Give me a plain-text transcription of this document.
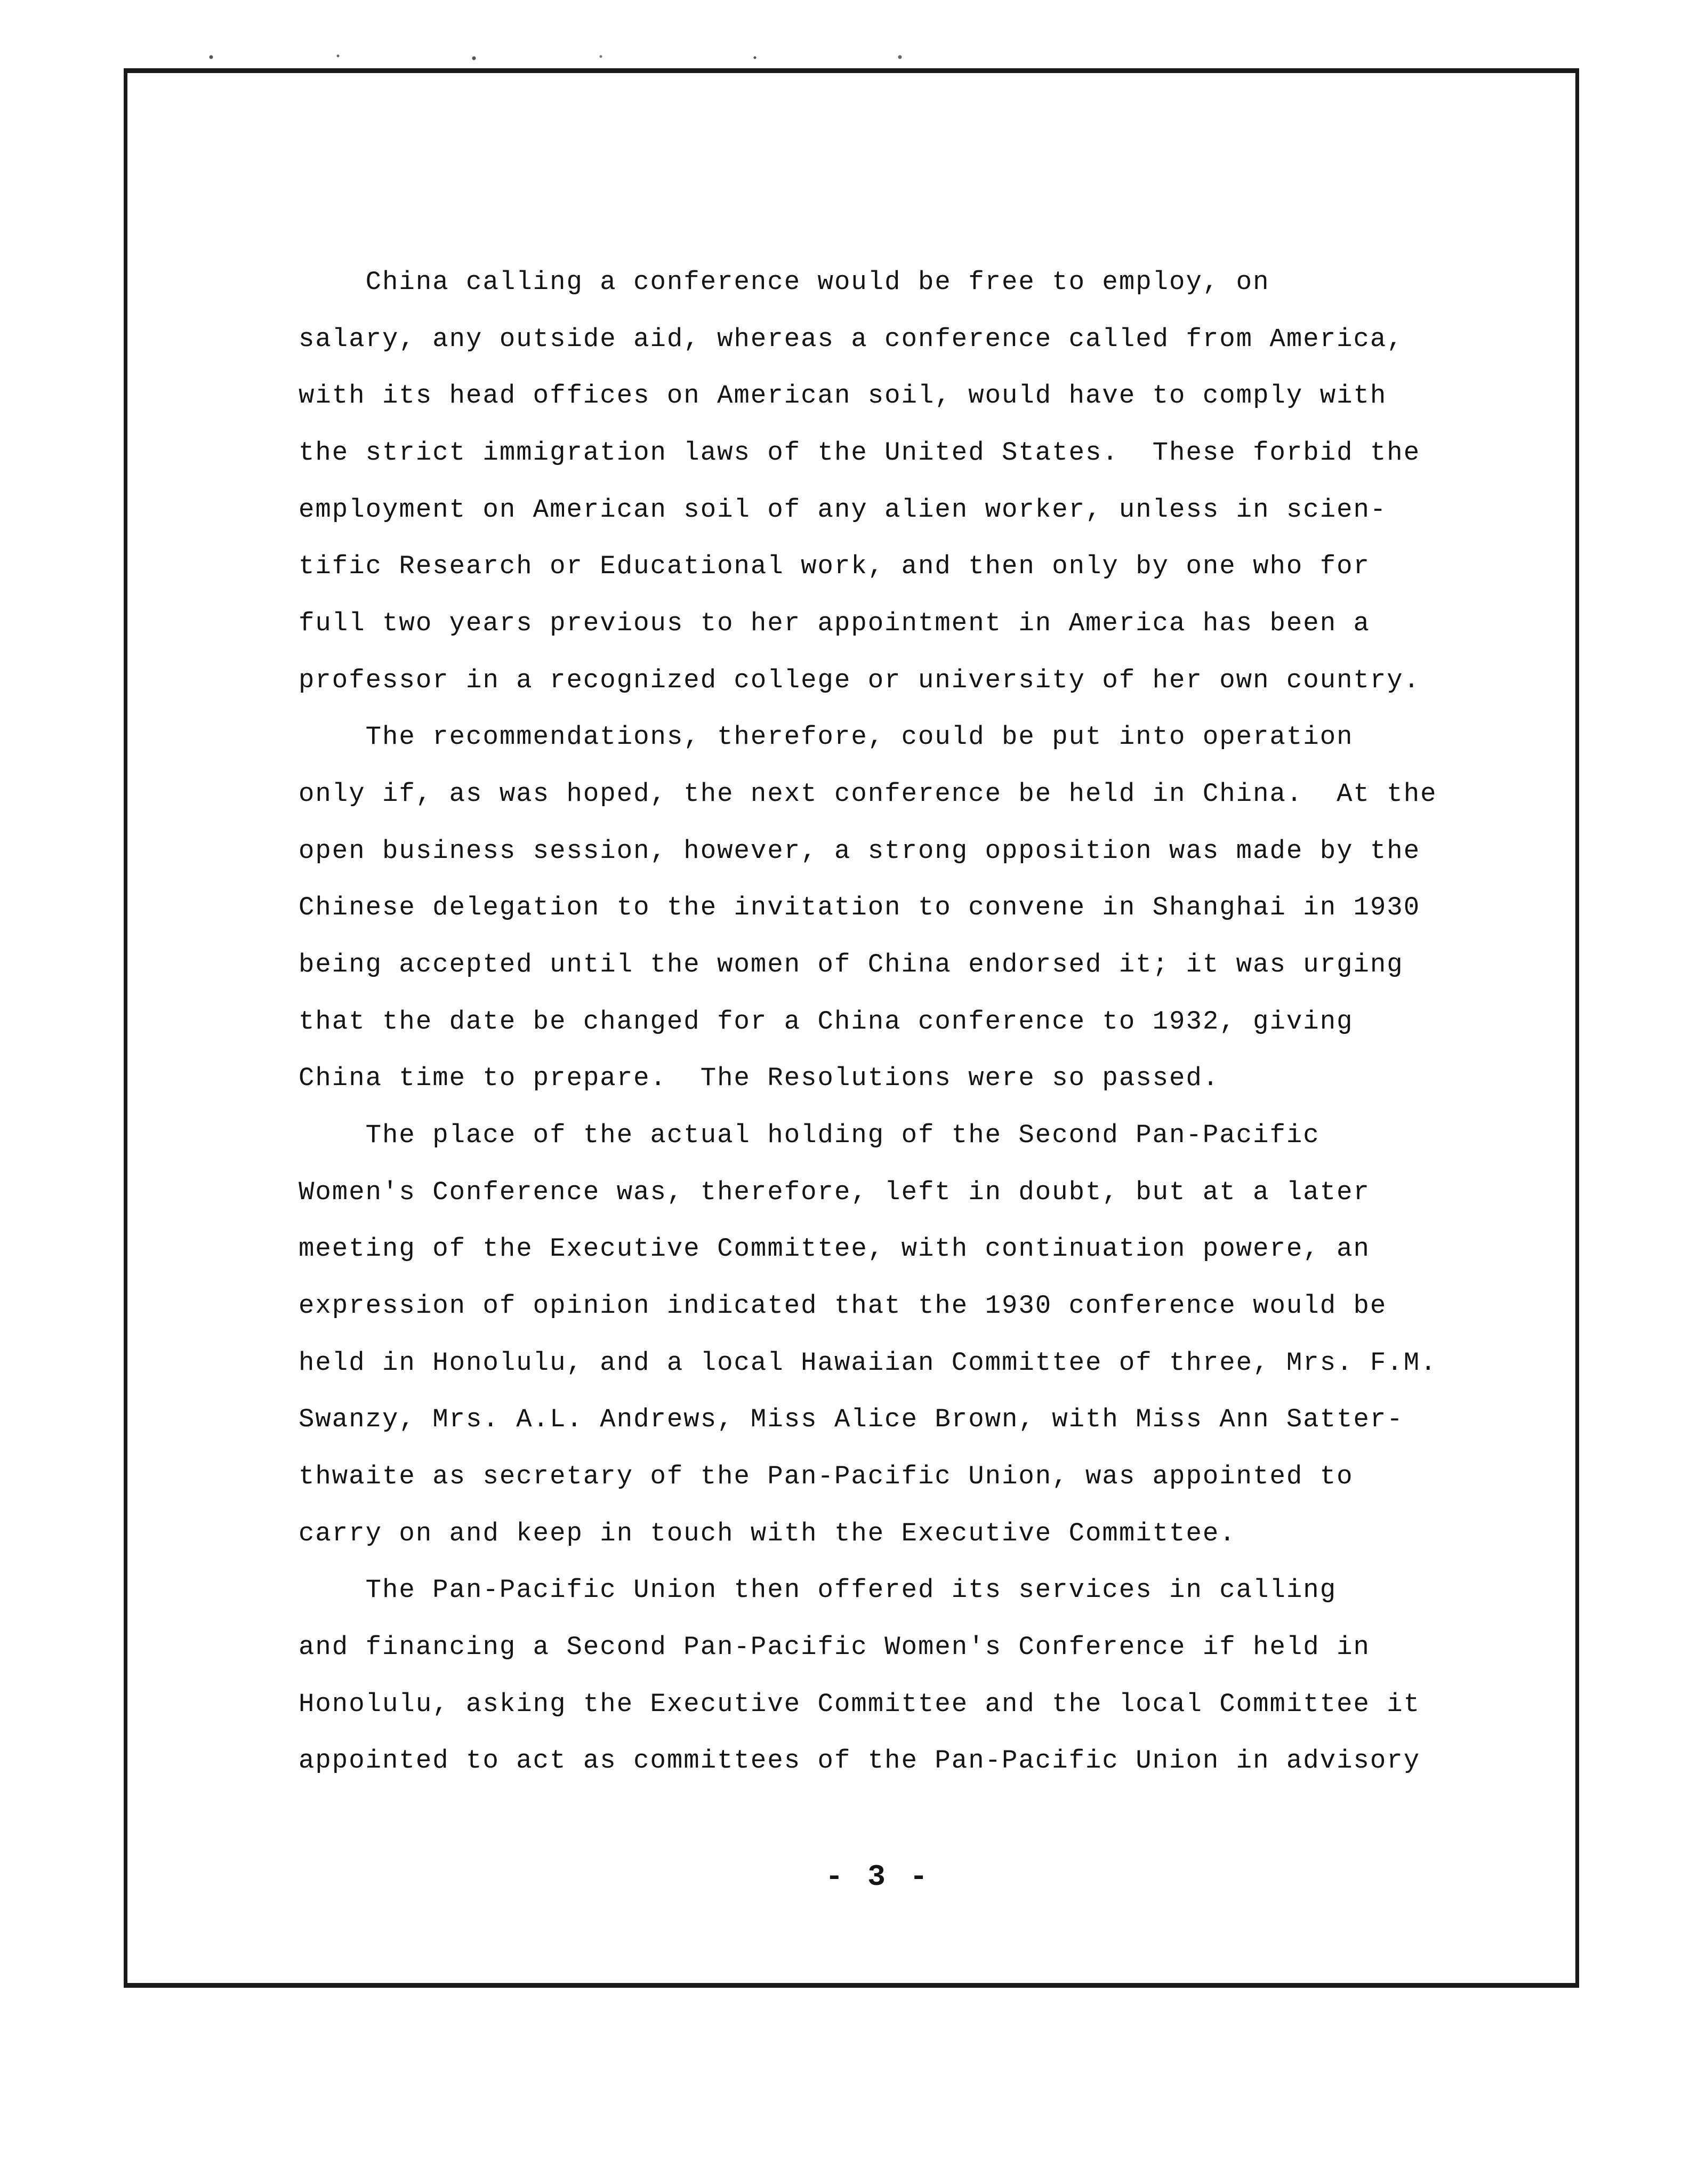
China calling a conference would be free to employ, on
salary, any outside aid, whereas a conference called from America,
with its head offices on American soil, would have to comply with
the strict immigration laws of the United States.  These forbid the
employment on American soil of any alien worker, unless in scien-
tific Research or Educational work, and then only by one who for
full two years previous to her appointment in America has been a
professor in a recognized college or university of her own country.
The recommendations, therefore, could be put into operation
only if, as was hoped, the next conference be held in China.  At the
open business session, however, a strong opposition was made by the
Chinese delegation to the invitation to convene in Shanghai in 1930
being accepted until the women of China endorsed it; it was urging
that the date be changed for a China conference to 1932, giving
China time to prepare.  The Resolutions were so passed.
The place of the actual holding of the Second Pan-Pacific
Women's Conference was, therefore, left in doubt, but at a later
meeting of the Executive Committee, with continuation powere, an
expression of opinion indicated that the 1930 conference would be
held in Honolulu, and a local Hawaiian Committee of three, Mrs. F.M.
Swanzy, Mrs. A.L. Andrews, Miss Alice Brown, with Miss Ann Satter-
thwaite as secretary of the Pan-Pacific Union, was appointed to
carry on and keep in touch with the Executive Committee.
The Pan-Pacific Union then offered its services in calling
and financing a Second Pan-Pacific Women's Conference if held in
Honolulu, asking the Executive Committee and the local Committee it
appointed to act as committees of the Pan-Pacific Union in advisory
- 3 -
